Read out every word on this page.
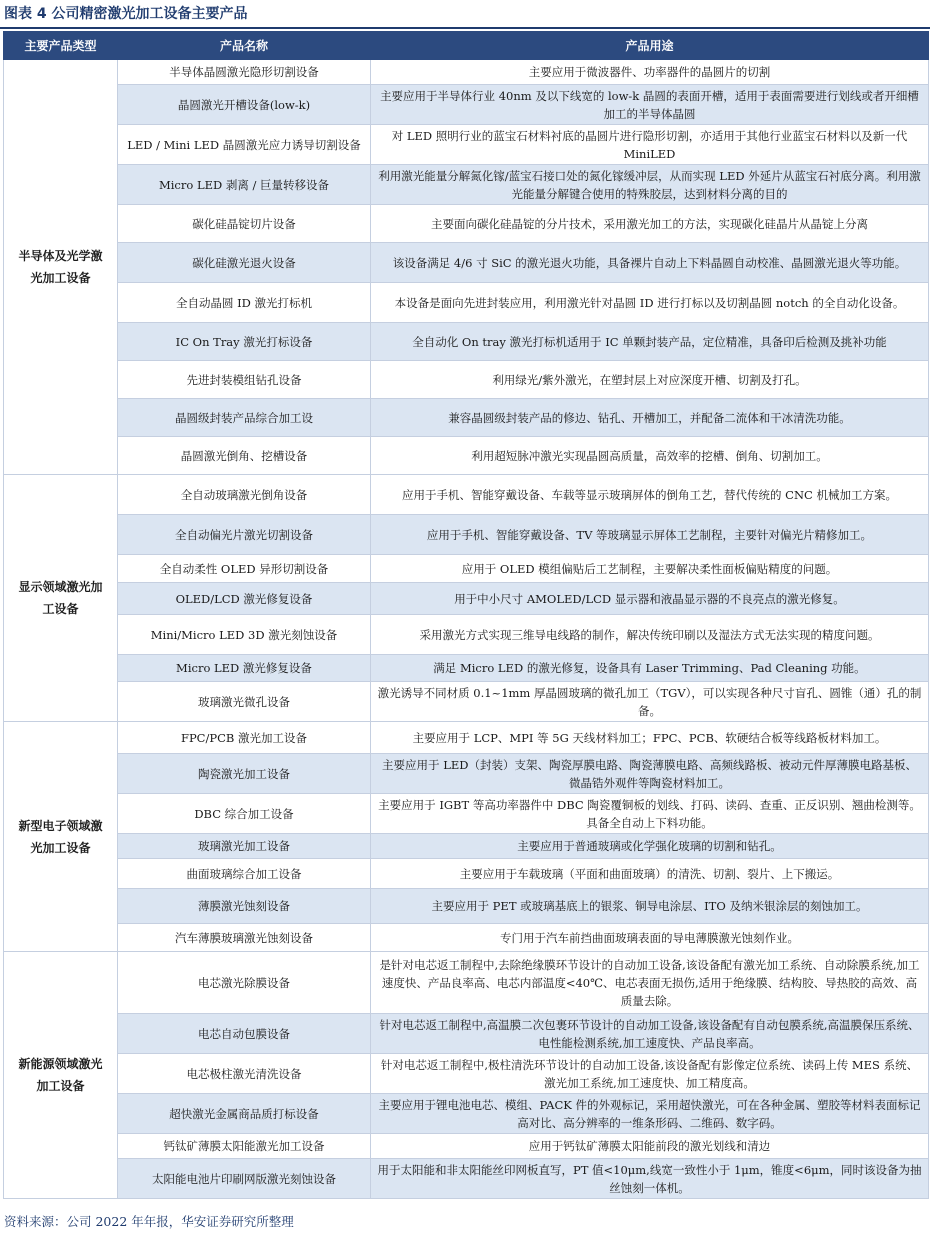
图表 4 公司精密激光加工设备主要产品
主要产品类型	产品名称	产品用途
半导体及光学激光加工设备	半导体晶圆激光隐形切割设备	主要应用于微波器件、功率器件的晶圆片的切割
	晶圆激光开槽设备(low-k)	主要应用于半导体行业 40nm 及以下线宽的 low-k 晶圆的表面开槽，适用于表面需要进行划线或者开细槽加工的半导体晶圆
	LED / Mini LED 晶圆激光应力诱导切割设备	对 LED 照明行业的蓝宝石材料衬底的晶圆片进行隐形切割，亦适用于其他行业蓝宝石材料以及新一代 MiniLED
	Micro LED 剥离 / 巨量转移设备	利用激光能量分解氮化镓/蓝宝石接口处的氮化镓缓冲层，从而实现 LED 外延片从蓝宝石衬底分离。利用激光能量分解键合使用的特殊胶层，达到材料分离的目的
	碳化硅晶锭切片设备	主要面向碳化硅晶锭的分片技术，采用激光加工的方法，实现碳化硅晶片从晶锭上分离
	碳化硅激光退火设备	该设备满足 4/6 寸 SiC 的激光退火功能，具备裸片自动上下料晶圆自动校准、晶圆激光退火等功能。
	全自动晶圆 ID 激光打标机	本设备是面向先进封装应用，利用激光针对晶圆 ID 进行打标以及切割晶圆 notch 的全自动化设备。
	IC On Tray 激光打标设备	全自动化 On tray 激光打标机适用于 IC 单颗封装产品，定位精准，具备印后检测及挑补功能
	先进封装模组钻孔设备	利用绿光/紫外激光，在塑封层上对应深度开槽、切割及打孔。
	晶圆级封装产品综合加工设	兼容晶圆级封装产品的修边、钻孔、开槽加工，并配备二流体和干冰清洗功能。
	晶圆激光倒角、挖槽设备	利用超短脉冲激光实现晶圆高质量，高效率的挖槽、倒角、切割加工。
显示领域激光加工设备	全自动玻璃激光倒角设备	应用于手机、智能穿戴设备、车载等显示玻璃屏体的倒角工艺，替代传统的 CNC 机械加工方案。
	全自动偏光片激光切割设备	应用于手机、智能穿戴设备、TV 等玻璃显示屏体工艺制程，主要针对偏光片精修加工。
	全自动柔性 OLED 异形切割设备	应用于 OLED 模组偏贴后工艺制程，主要解决柔性面板偏贴精度的问题。
	OLED/LCD 激光修复设备	用于中小尺寸 AMOLED/LCD 显示器和液晶显示器的不良亮点的激光修复。
	Mini/Micro LED 3D 激光刻蚀设备	采用激光方式实现三维导电线路的制作，解决传统印刷以及湿法方式无法实现的精度问题。
	Micro LED 激光修复设备	满足 Micro LED 的激光修复，设备具有 Laser Trimming、Pad Cleaning 功能。
	玻璃激光微孔设备	激光诱导不同材质 0.1~1mm 厚晶圆玻璃的微孔加工（TGV），可以实现各种尺寸盲孔、圆锥（通）孔的制备。
新型电子领域激光加工设备	FPC/PCB 激光加工设备	主要应用于 LCP、MPI 等 5G 天线材料加工；FPC、PCB、软硬结合板等线路板材料加工。
	陶瓷激光加工设备	主要应用于 LED（封装）支架、陶瓷厚膜电路、陶瓷薄膜电路、高频线路板、被动元件厚薄膜电路基板、微晶锆外观件等陶瓷材料加工。
	DBC 综合加工设备	主要应用于 IGBT 等高功率器件中 DBC 陶瓷覆铜板的划线、打码、读码、查重、正反识别、翘曲检测等。具备全自动上下料功能。
	玻璃激光加工设备	主要应用于普通玻璃或化学强化玻璃的切割和钻孔。
	曲面玻璃综合加工设备	主要应用于车载玻璃（平面和曲面玻璃）的清洗、切割、裂片、上下搬运。
	薄膜激光蚀刻设备	主要应用于 PET 或玻璃基底上的银浆、铜导电涂层、ITO 及纳米银涂层的刻蚀加工。
	汽车薄膜玻璃激光蚀刻设备	专门用于汽车前挡曲面玻璃表面的导电薄膜激光蚀刻作业。
新能源领域激光加工设备	电芯激光除膜设备	是针对电芯返工制程中,去除绝缘膜环节设计的自动加工设备,该设备配有激光加工系统、自动除膜系统,加工速度快、产品良率高、电芯内部温度<40℃、电芯表面无损伤,适用于绝缘膜、结构胶、导热胶的高效、高质量去除。
	电芯自动包膜设备	针对电芯返工制程中,高温膜二次包裹环节设计的自动加工设备,该设备配有自动包膜系统,高温膜保压系统、电性能检测系统,加工速度快、产品良率高。
	电芯极柱激光清洗设备	针对电芯返工制程中,极柱清洗环节设计的自动加工设备,该设备配有影像定位系统、读码上传 MES 系统、激光加工系统,加工速度快、加工精度高。
	超快激光金属商品质打标设备	主要应用于锂电池电芯、模组、PACK 件的外观标记，采用超快激光，可在各种金属、塑胶等材料表面标记高对比、高分辨率的一维条形码、二维码、数字码。
	钙钛矿薄膜太阳能激光加工设备	应用于钙钛矿薄膜太阳能前段的激光划线和清边
	太阳能电池片印刷网版激光刻蚀设备	用于太阳能和非太阳能丝印网板直写，PT 值<10μm,线宽一致性小于 1μm，锥度<6μm，同时该设备为抽丝蚀刻一体机。
资料来源：公司 2022 年年报，华安证券研究所整理
